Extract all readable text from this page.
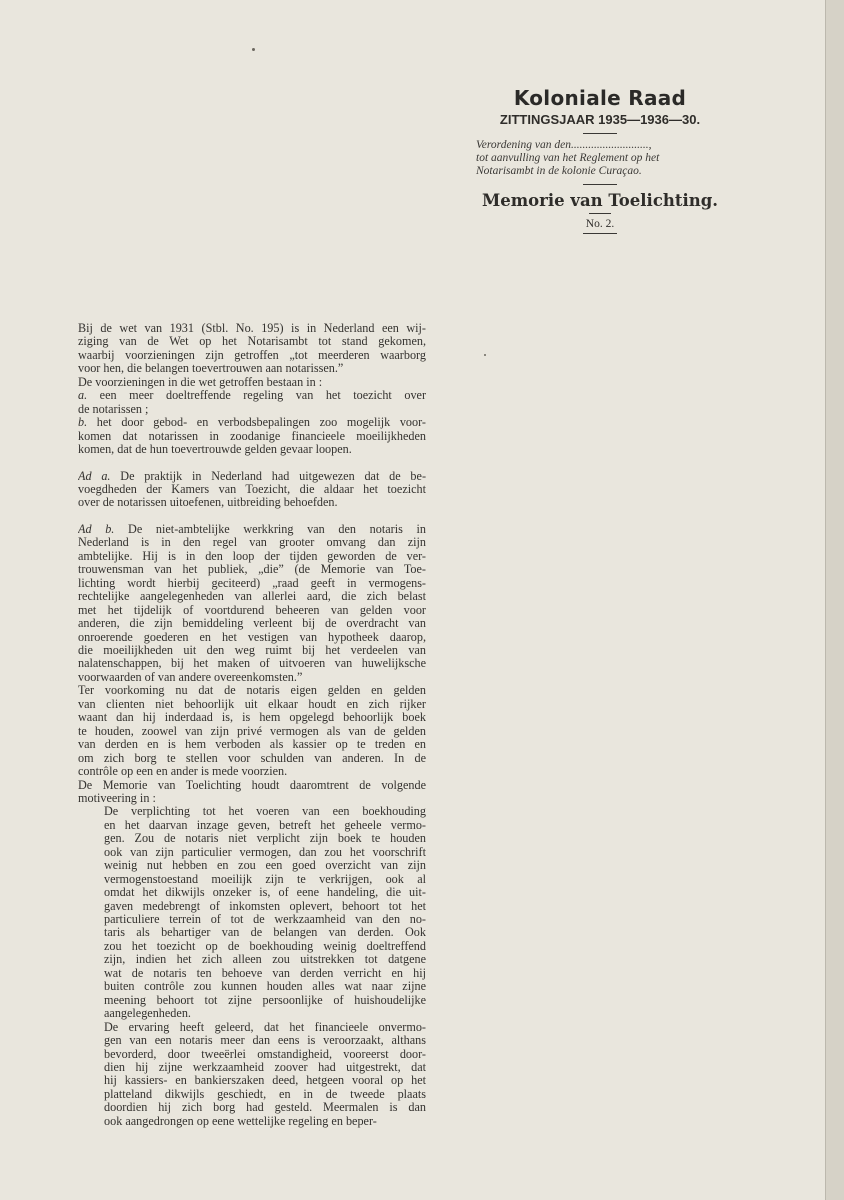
Koloniale Raad
ZITTINGSJAAR 1935—1936—30.
Verordening van den...........................,
tot aanvulling van het Reglement op het
Notarisambt in de kolonie Curaçao.
Memorie van Toelichting.
No. 2.
Bij de wet van 1931 (Stbl. No. 195) is in Nederland een wij-
ziging van de Wet op het Notarisambt tot stand gekomen,
waarbij voorzieningen zijn getroffen „tot meerderen waarborg
voor hen, die belangen toevertrouwen aan notarissen.”
De voorzieningen in die wet getroffen bestaan in :
a. een meer doeltreffende regeling van het toezicht over
de notarissen ;
b. het door gebod- en verbodsbepalingen zoo mogelijk voor-
komen dat notarissen in zoodanige financieele moeilijkheden
komen, dat de hun toevertrouwde gelden gevaar loopen.
Ad a. De praktijk in Nederland had uitgewezen dat de be-
voegdheden der Kamers van Toezicht, die aldaar het toezicht
over de notarissen uitoefenen, uitbreiding behoefden.
Ad b. De niet-ambtelijke werkkring van den notaris in
Nederland is in den regel van grooter omvang dan zijn
ambtelijke. Hij is in den loop der tijden geworden de ver-
trouwensman van het publiek, „die” (de Memorie van Toe-
lichting wordt hierbij geciteerd) „raad geeft in vermogens-
rechtelijke aangelegenheden van allerlei aard, die zich belast
met het tijdelijk of voortdurend beheeren van gelden voor
anderen, die zijn bemiddeling verleent bij de overdracht van
onroerende goederen en het vestigen van hypotheek daarop,
die moeilijkheden uit den weg ruimt bij het verdeelen van
nalatenschappen, bij het maken of uitvoeren van huwelijksche
voorwaarden of van andere overeenkomsten.”
Ter voorkoming nu dat de notaris eigen gelden en gelden
van clienten niet behoorlijk uit elkaar houdt en zich rijker
waant dan hij inderdaad is, is hem opgelegd behoorlijk boek
te houden, zoowel van zijn privé vermogen als van de gelden
van derden en is hem verboden als kassier op te treden en
om zich borg te stellen voor schulden van anderen. In de
contrôle op een en ander is mede voorzien.
De Memorie van Toelichting houdt daaromtrent de volgende
motiveering in :
De verplichting tot het voeren van een boekhouding
en het daarvan inzage geven, betreft het geheele vermo-
gen. Zou de notaris niet verplicht zijn boek te houden
ook van zijn particulier vermogen, dan zou het voorschrift
weinig nut hebben en zou een goed overzicht van zijn
vermogenstoestand moeilijk zijn te verkrijgen, ook al
omdat het dikwijls onzeker is, of eene handeling, die uit-
gaven medebrengt of inkomsten oplevert, behoort tot het
particuliere terrein of tot de werkzaamheid van den no-
taris als behartiger van de belangen van derden. Ook
zou het toezicht op de boekhouding weinig doeltreffend
zijn, indien het zich alleen zou uitstrekken tot datgene
wat de notaris ten behoeve van derden verricht en hij
buiten contrôle zou kunnen houden alles wat naar zijne
meening behoort tot zijne persoonlijke of huishoudelijke
aangelegenheden.
De ervaring heeft geleerd, dat het financieele onvermo-
gen van een notaris meer dan eens is veroorzaakt, althans
bevorderd, door tweeërlei omstandigheid, vooreerst door-
dien hij zijne werkzaamheid zoover had uitgestrekt, dat
hij kassiers- en bankierszaken deed, hetgeen vooral op het
platteland dikwijls geschiedt, en in de tweede plaats
doordien hij zich borg had gesteld. Meermalen is dan
ook aangedrongen op eene wettelijke regeling en beper-
